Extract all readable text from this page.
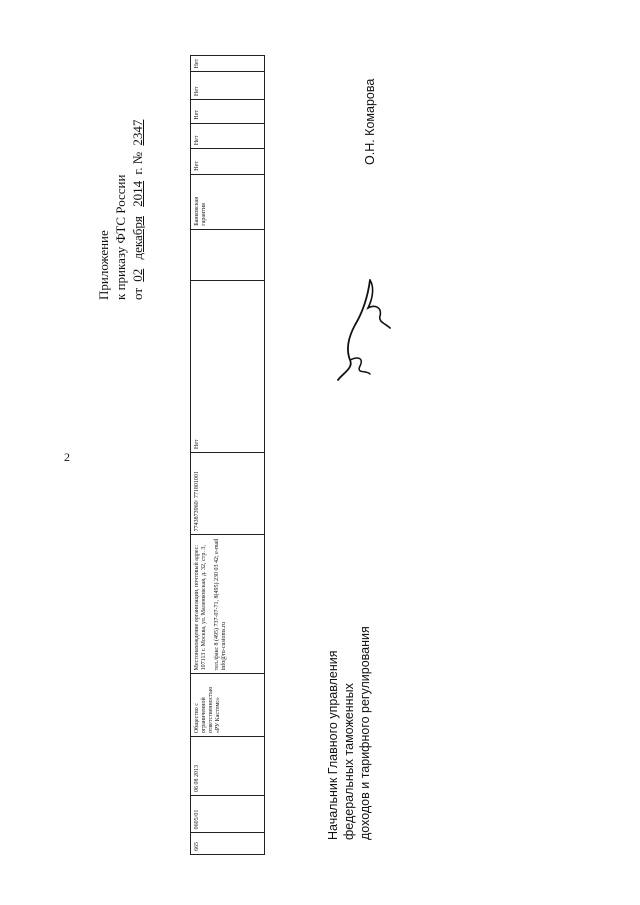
2
Приложение к приказу ФТС России от 02 декабря 2014 г. № 2347
665
0605/01
06 08 2013
Общество с ограниченной ответственностью «РУ Кастомс»
Местонахождение организации, почтовый адрес: 107113 г. Москва, ул. Маленковская, д. 32, стр. 3, тел./факс 8 (495) 737-07-71, 8(495) 230 03 42; e-mail info@ru-customs.ru
7743873960/ 771801001
Нет
Банковская гарантия
Нет
Нет
Нет
Нет
Нет
Начальник Главного управления федеральных таможенных доходов и тарифного регулирования
О.Н. Комарова
